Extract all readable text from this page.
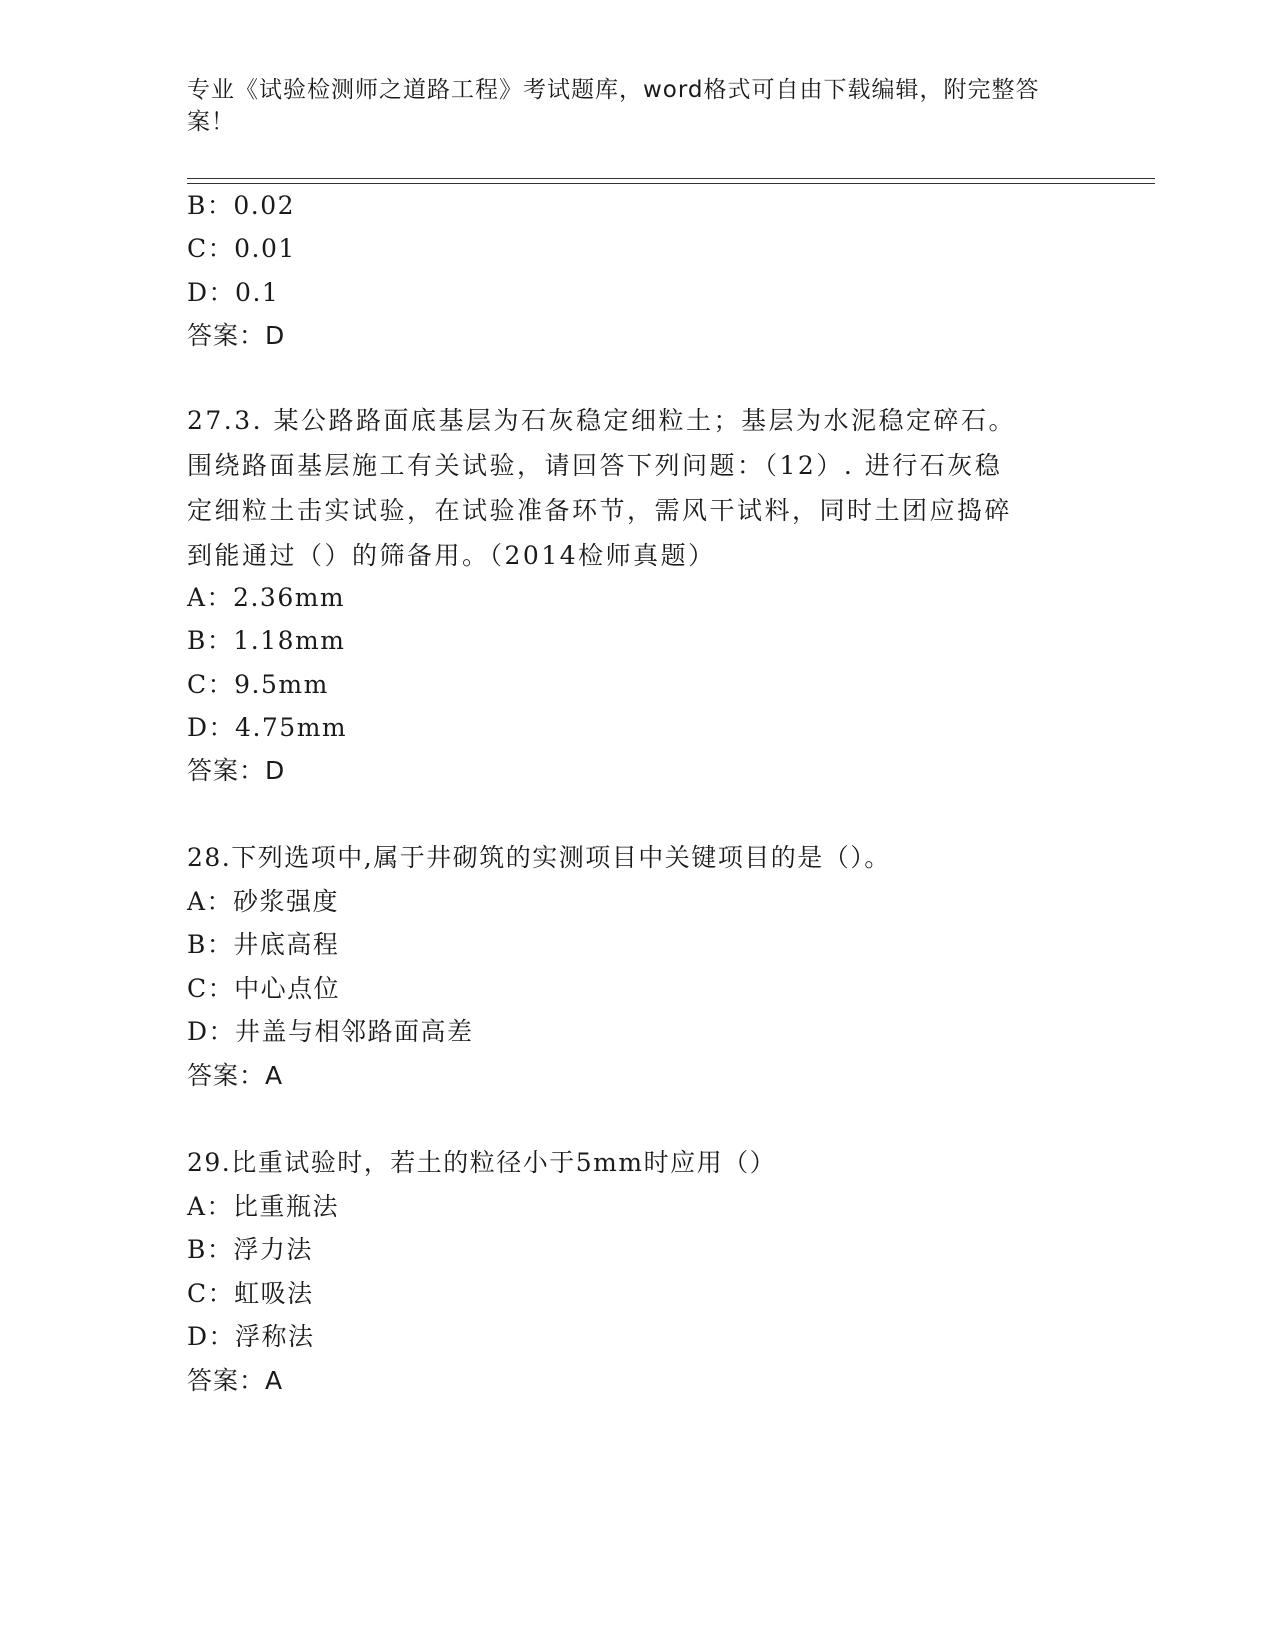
专业《试验检测师之道路工程》考试题库，word格式可自由下载编辑，附完整答
案！
B：0.02
C：0.01
D：0.1
答案：D
27.3. 某公路路面底基层为石灰稳定细粒土；基层为水泥稳定碎石。
围绕路面基层施工有关试验，请回答下列问题：（12）. 进行石灰稳
定细粒土击实试验，在试验准备环节，需风干试料，同时土团应捣碎
到能通过（）的筛备用。（2014检师真题）
A：2.36mm
B：1.18mm
C：9.5mm
D：4.75mm
答案：D
28.下列选项中,属于井砌筑的实测项目中关键项目的是（）。
A：砂浆强度
B：井底高程
C：中心点位
D：井盖与相邻路面高差
答案：A
29.比重试验时，若土的粒径小于5mm时应用（）
A：比重瓶法
B：浮力法
C：虹吸法
D：浮称法
答案：A
